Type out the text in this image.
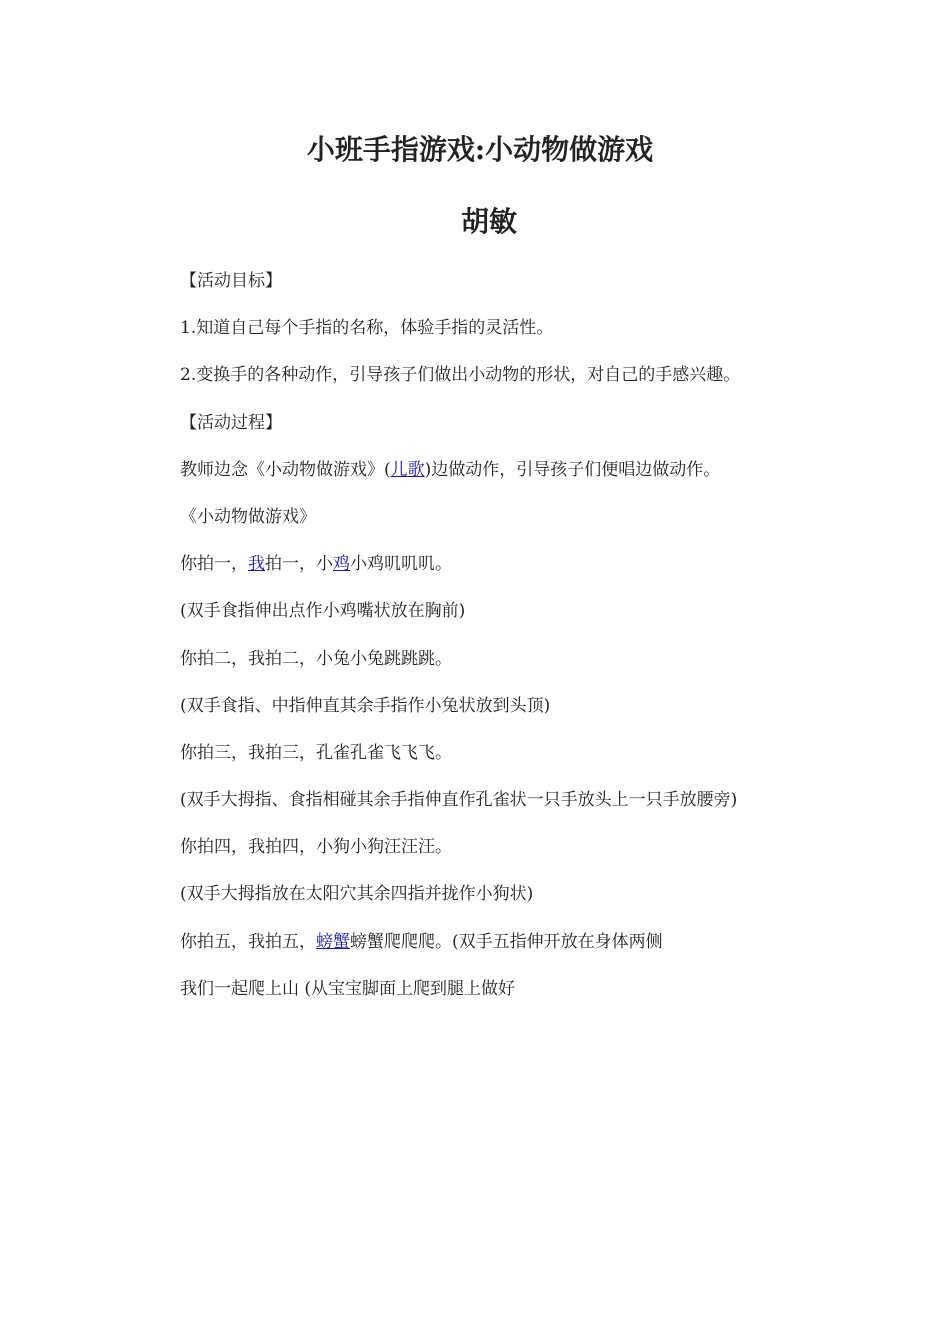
小班手指游戏:小动物做游戏
胡敏
【活动目标】
1.知道自己每个手指的名称，体验手指的灵活性。
2.变换手的各种动作，引导孩子们做出小动物的形状，对自己的手感兴趣。
【活动过程】
教师边念《小动物做游戏》(儿歌)边做动作，引导孩子们便唱边做动作。
《小动物做游戏》
你拍一，我拍一，小鸡小鸡叽叽叽。
(双手食指伸出点作小鸡嘴状放在胸前)
你拍二，我拍二，小兔小兔跳跳跳。
(双手食指、中指伸直其余手指作小兔状放到头顶)
你拍三，我拍三，孔雀孔雀飞飞飞。
(双手大拇指、食指相碰其余手指伸直作孔雀状一只手放头上一只手放腰旁)
你拍四，我拍四，小狗小狗汪汪汪。
(双手大拇指放在太阳穴其余四指并拢作小狗状)
你拍五，我拍五，螃蟹螃蟹爬爬爬。(双手五指伸开放在身体两侧
我们一起爬上山 (从宝宝脚面上爬到腿上做好
